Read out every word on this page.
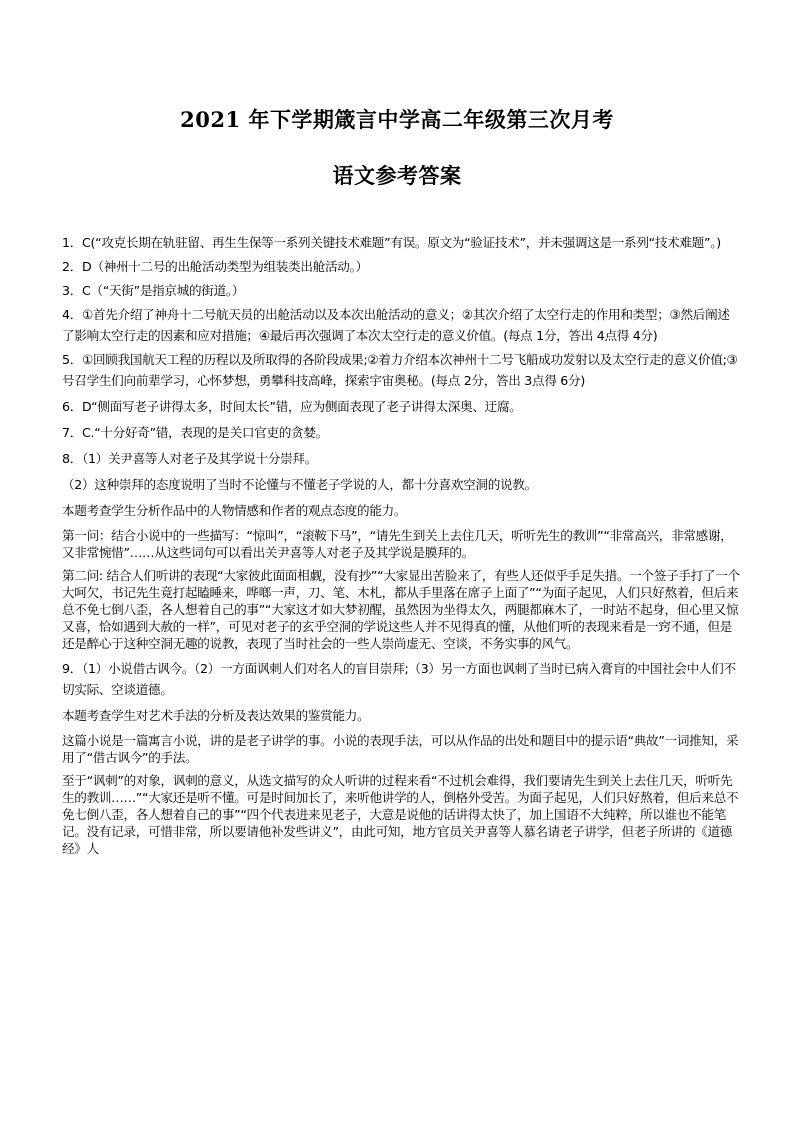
2021 年下学期箴言中学高二年级第三次月考
语文参考答案

1．C(“攻克长期在轨驻留、再生生保等一系列关键技术难题”有误。原文为“验证技术”，并未强调这是一系列“技术难题”。)

2．D（神州十二号的出舱活动类型为组装类出舱活动。）

3．C（“天街”是指京城的街道。）

4．①首先介绍了神舟十二号航天员的出舱活动以及本次出舱活动的意义；②其次介绍了太空行走的作用和类型；③然后阐述了影响太空行走的因素和应对措施；④最后再次强调了本次太空行走的意义价值。(每点 1分，答出 4点得 4分)

5．①回顾我国航天工程的历程以及所取得的各阶段成果;②着力介绍本次神州十二号飞船成功发射以及太空行走的意义价值;③号召学生们向前辈学习，心怀梦想，勇攀科技高峰，探索宇宙奥秘。(每点 2分，答出 3点得 6分)

6．D“侧面写老子讲得太多，时间太长”错，应为侧面表现了老子讲得太深奥、迂腐。

7．C.“十分好奇”错，表现的是关口官吏的贪婪。

8．（1）关尹喜等人对老子及其学说十分崇拜。

（2）这种崇拜的态度说明了当时不论懂与不懂老子学说的人，都十分喜欢空洞的说教。

本题考查学生分析作品中的人物情感和作者的观点态度的能力。

第一问：结合小说中的一些描写：“惊叫”，“滚鞍下马”，“请先生到关上去住几天，听听先生的教训”“非常高兴，非常感谢，又非常惋惜”……从这些词句可以看出关尹喜等人对老子及其学说是膜拜的。

第二问: 结合人们听讲的表现“大家彼此面面相觑，没有抄”“大家显出苦脸来了，有些人还似乎手足失措。一个签子手打了一个大呵欠，书记先生竟打起瞌睡来，哗啷一声，刀、笔、木札，都从手里落在席子上面了”“为面子起见，人们只好熬着，但后来总不免七倒八歪，各人想着自己的事”“大家这才如大梦初醒，虽然因为坐得太久，两腿都麻木了，一时站不起身，但心里又惊又喜，恰如遇到大赦的一样”，可见对老子的玄乎空洞的学说这些人并不见得真的懂，从他们听的表现来看是一窍不通，但是还是醉心于这种空洞无趣的说教，表现了当时社会的一些人崇尚虚无、空谈，不务实事的风气。

9．（1）小说借古讽今。（2）一方面讽刺人们对名人的盲目崇拜;（3）另一方面也讽刺了当时已病入膏肓的中国社会中人们不切实际、空谈道德。

本题考查学生对艺术手法的分析及表达效果的鉴赏能力。

这篇小说是一篇寓言小说，讲的是老子讲学的事。小说的表现手法，可以从作品的出处和题目中的提示语“典故”一词推知，采用了“借古讽今”的手法。

至于“讽刺”的对象，讽刺的意义，从选文描写的众人听讲的过程来看“不过机会难得，我们要请先生到关上去住几天，听听先生的教训……”“大家还是听不懂。可是时间加长了，来听他讲学的人，倒格外受苦。为面子起见，人们只好熬着，但后来总不免七倒八歪，各人想着自己的事”“四个代表进来见老子，大意是说他的话讲得太快了，加上国语不大纯粹，所以谁也不能笔记。没有记录，可惜非常，所以要请他补发些讲义”，由此可知，地方官员关尹喜等人慕名请老子讲学，但老子所讲的《道德经》人
